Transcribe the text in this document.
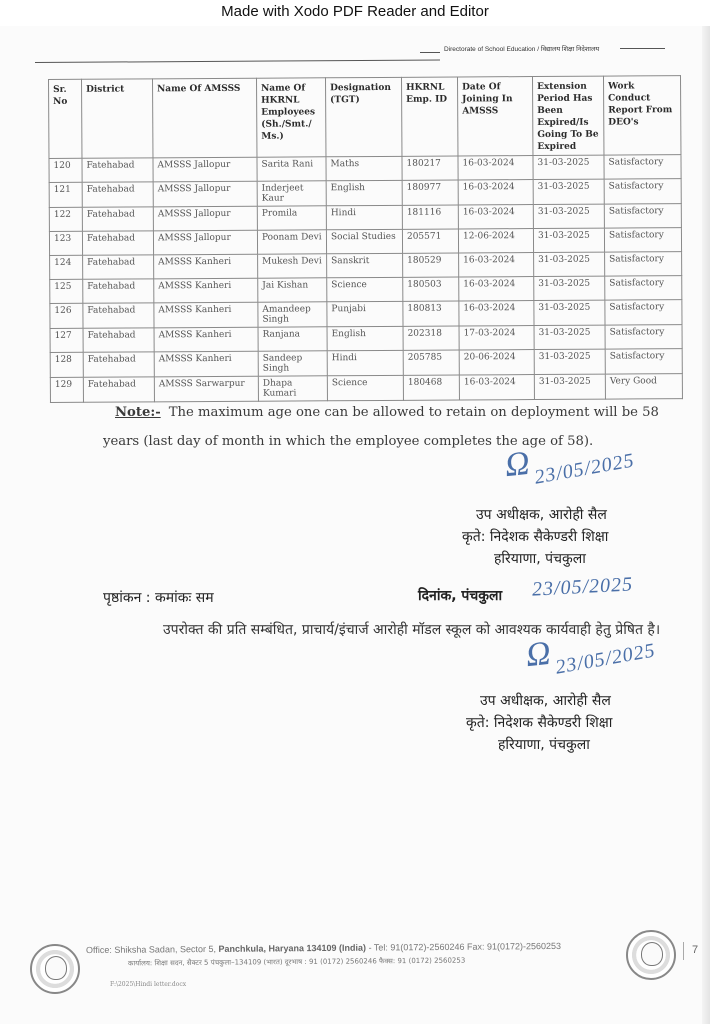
Made with Xodo PDF Reader and Editor
Directorate of School Education / विद्यालय शिक्षा निदेशालय
Sr. No	District	Name Of AMSSS	Name Of HKRNL Employees (Sh./Smt./ Ms.)	Designation (TGT)	HKRNL Emp. ID	Date Of Joining In AMSSS	Extension Period Has Been Expired/Is Going To Be Expired	Work Conduct Report From DEO's
120	Fatehabad	AMSSS Jallopur	Sarita Rani	Maths	180217	16-03-2024	31-03-2025	Satisfactory
121	Fatehabad	AMSSS Jallopur	Inderjeet Kaur	English	180977	16-03-2024	31-03-2025	Satisfactory
122	Fatehabad	AMSSS Jallopur	Promila	Hindi	181116	16-03-2024	31-03-2025	Satisfactory
123	Fatehabad	AMSSS Jallopur	Poonam Devi	Social Studies	205571	12-06-2024	31-03-2025	Satisfactory
124	Fatehabad	AMSSS Kanheri	Mukesh Devi	Sanskrit	180529	16-03-2024	31-03-2025	Satisfactory
125	Fatehabad	AMSSS Kanheri	Jai Kishan	Science	180503	16-03-2024	31-03-2025	Satisfactory
126	Fatehabad	AMSSS Kanheri	Amandeep Singh	Punjabi	180813	16-03-2024	31-03-2025	Satisfactory
127	Fatehabad	AMSSS Kanheri	Ranjana	English	202318	17-03-2024	31-03-2025	Satisfactory
128	Fatehabad	AMSSS Kanheri	Sandeep Singh	Hindi	205785	20-06-2024	31-03-2025	Satisfactory
129	Fatehabad	AMSSS Sarwarpur	Dhapa Kumari	Science	180468	16-03-2024	31-03-2025	Very Good
Note:- The maximum age one can be allowed to retain on deployment will be 58 years (last day of month in which the employee completes the age of 58).
Ω 23/05/2025
उप अधीक्षक, आरोही सैल
कृते: निदेशक सैकेण्डरी शिक्षा
हरियाणा, पंचकुला
पृष्ठांकन : कमांकः सम	दिनांक, पंचकुला 23/05/2025
उपरोक्त की प्रति सम्बंधित, प्राचार्य/इंचार्ज आरोही मॉडल स्कूल को आवश्यक कार्यवाही हेतु प्रेषित है।
Ω 23/05/2025
उप अधीक्षक, आरोही सैल
कृते: निदेशक सैकेण्डरी शिक्षा
हरियाणा, पंचकुला
Office: Shiksha Sadan, Sector 5, Panchkula, Haryana 134109 (India) - Tel: 91(0172)-2560246 Fax: 91(0172)-2560253
कार्यालय: शिक्षा सदन, सैक्टर 5 पंचकुला–134109 (भारत) दूरभाष : 91 (0172) 2560246 फैक्स: 91 (0172) 2560253
F:\2025\Hindi letter.docx
7
